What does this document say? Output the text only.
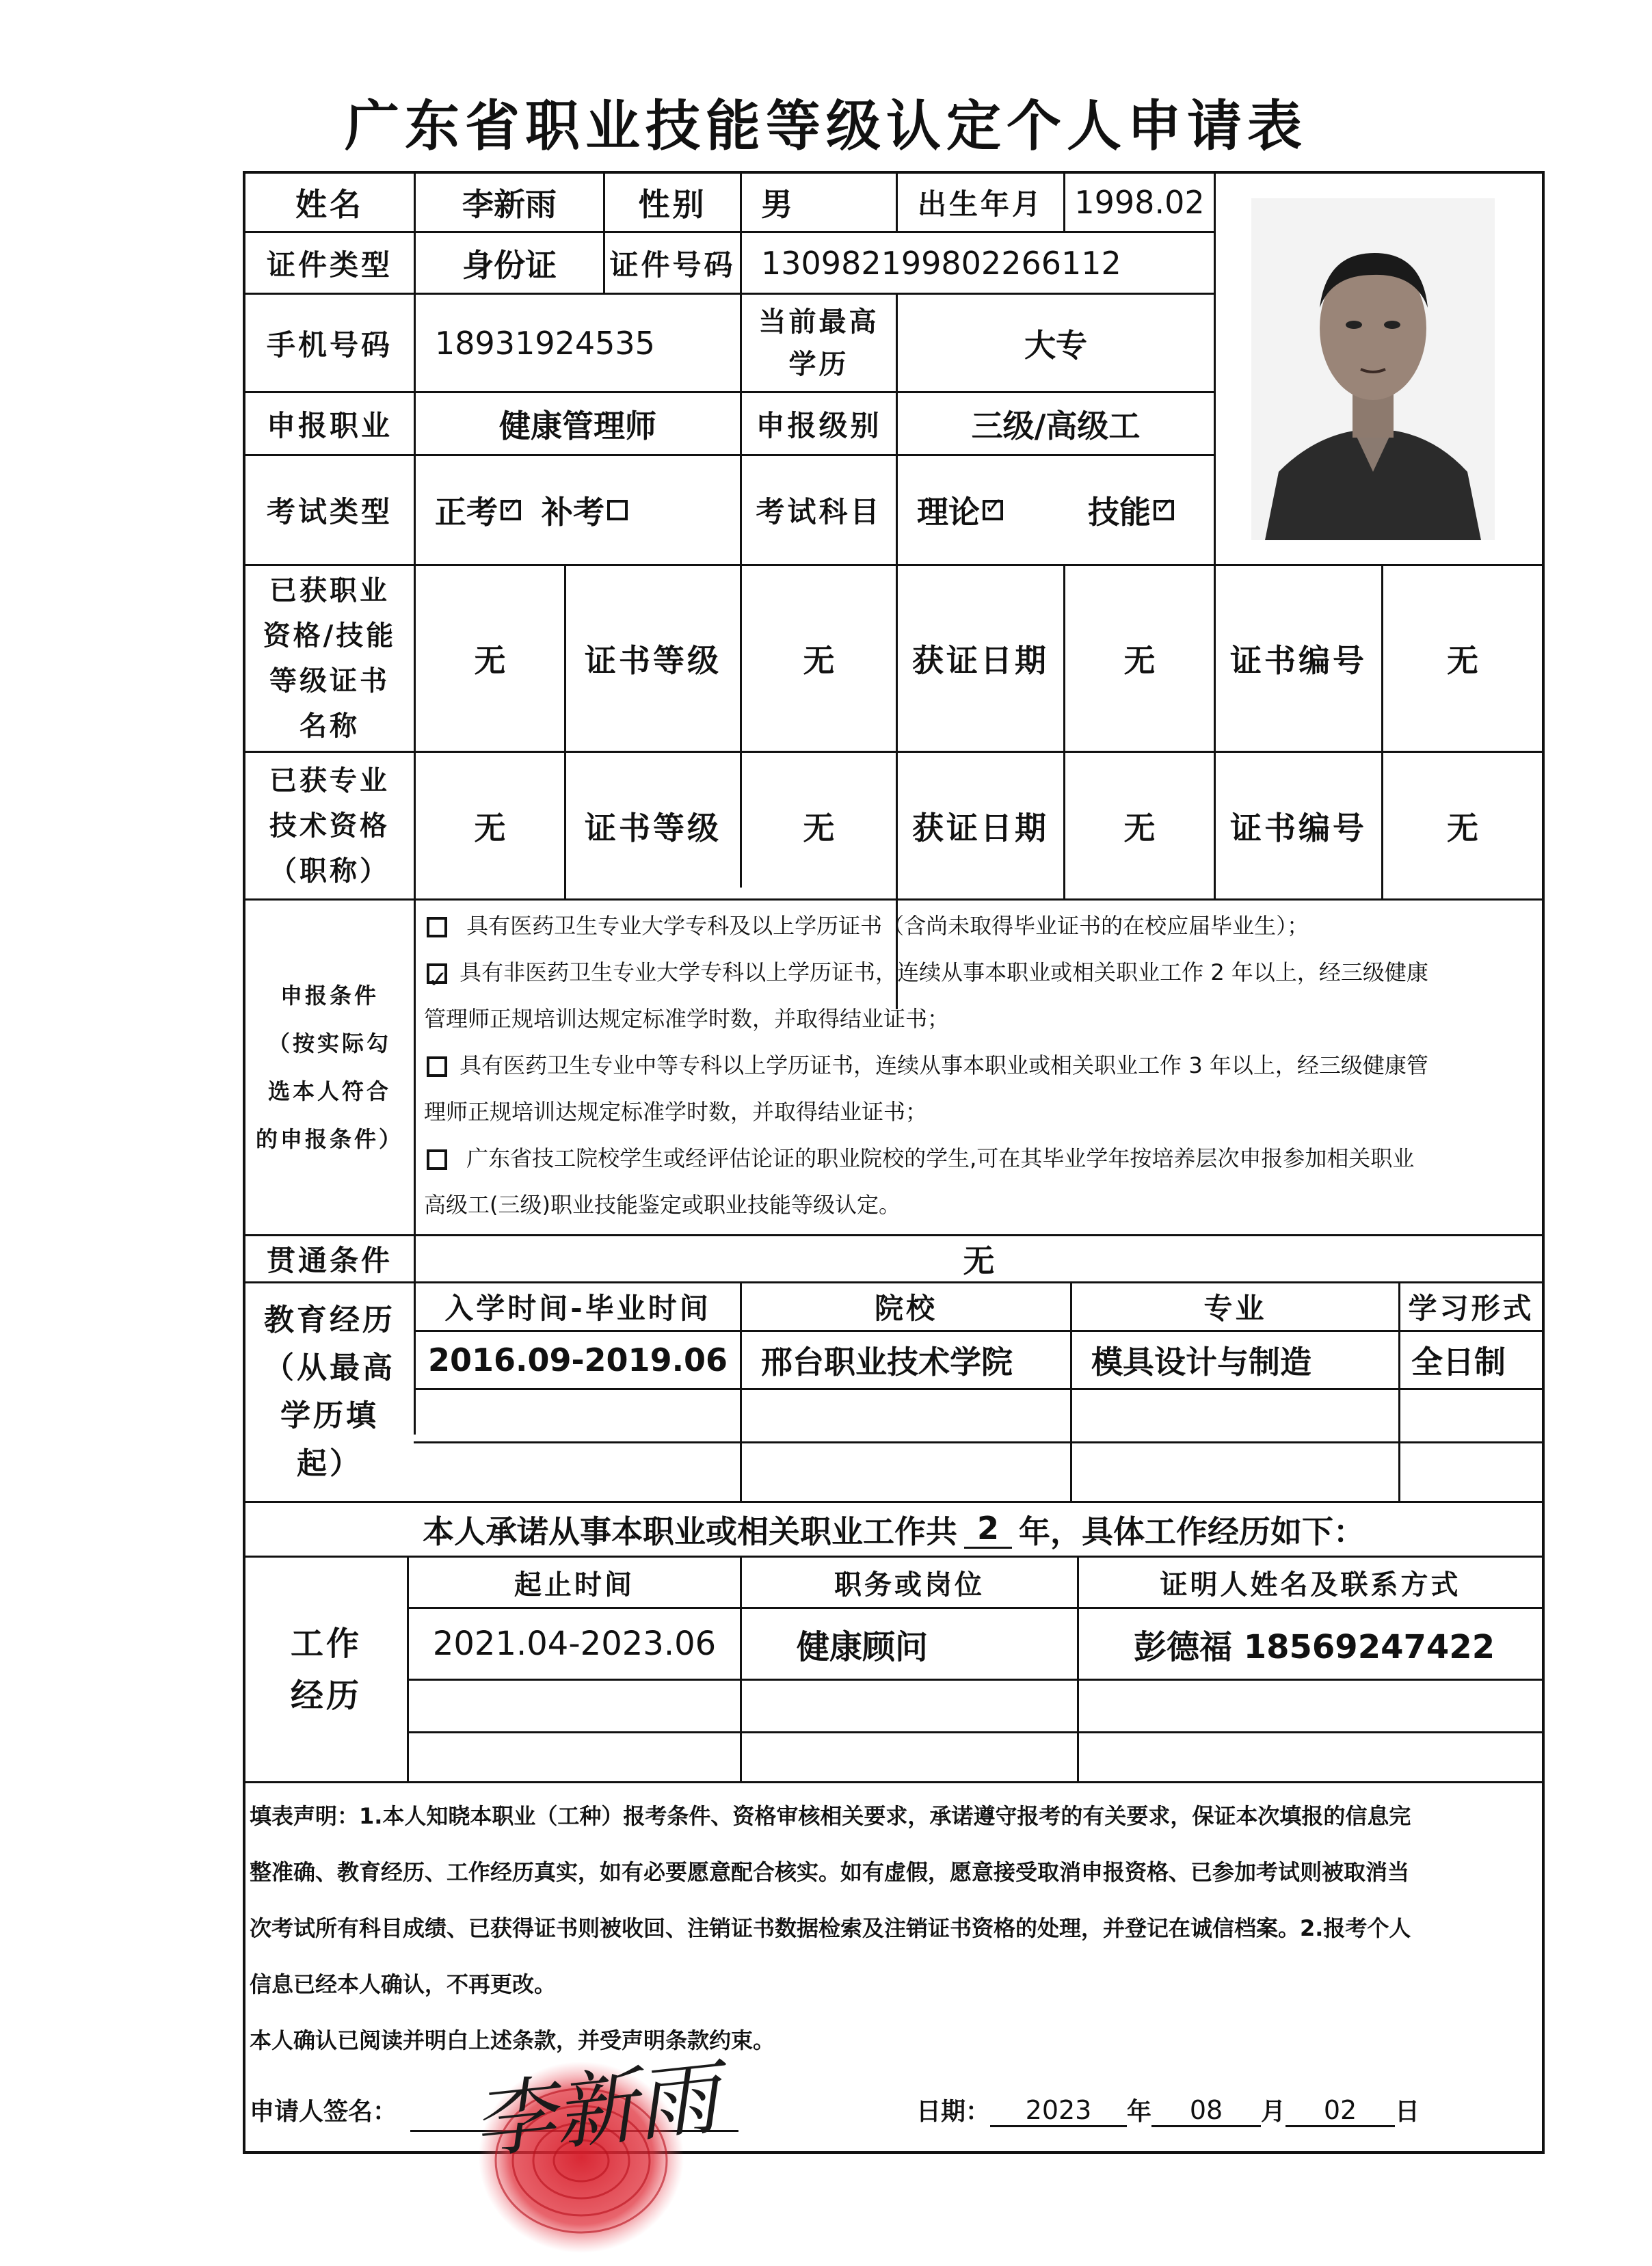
广东省职业技能等级认定个人申请表
姓名	李新雨	性别	男	出生年月 1998.02
证件类型	身份证	证件号码 130982199802266112
手机号码	18931924535
当前最高
学历
大专
申报职业	健康管理师	申报级别	三级/高级工
考试类型	正考
✓ 补考	考试科目	理论
✓	技能
✓
已获职业
资格/技能
等级证书
名称
无	证书等级	无	获证日期	无	证书编号	无
已获专业
技术资格
（职称）
无	证书等级	无	获证日期	无	证书编号	无
申报条件
（按实际勾
选本人符合
的申报条件）
具有医药卫生专业大学专科及以上学历证书（含尚未取得毕业证书的在校应届毕业生）；
✓ 具有非医药卫生专业大学专科以上学历证书，连续从事本职业或相关职业工作 2 年以上，经三级健康
管理师正规培训达规定标准学时数，并取得结业证书；
具有医药卫生专业中等专科以上学历证书，连续从事本职业或相关职业工作 3 年以上，经三级健康管
理师正规培训达规定标准学时数，并取得结业证书；
广东省技工院校学生或经评估论证的职业院校的学生,可在其毕业学年按培养层次申报参加相关职业
高级工(三级)职业技能鉴定或职业技能等级认定。
贯通条件	无
教育经历
（从最高
学历填
起）
入学时间-毕业时间	院校	专业	学习形式
2016.09-2019.06	邢台职业技术学院	模具设计与制造	全日制
本人承诺从事本职业或相关职业工作共 2 年，具体工作经历如下：
工作
经历
起止时间	职务或岗位	证明人姓名及联系方式
2021.04-2023.06	健康顾问	彭德福 18569247422
填表声明：1.本人知晓本职业（工种）报考条件、资格审核相关要求，承诺遵守报考的有关要求，保证本次填报的信息完
整准确、教育经历、工作经历真实，如有必要愿意配合核实。如有虚假，愿意接受取消申报资格、已参加考试则被取消当
次考试所有科目成绩、已获得证书则被收回、注销证书数据检索及注销证书资格的处理，并登记在诚信档案。2.报考个人
信息已经本人确认，不再更改。
本人确认已阅读并明白上述条款，并受声明条款约束。
申请人签名： 李新雨	日期：	2023	年	08	月	02	日
